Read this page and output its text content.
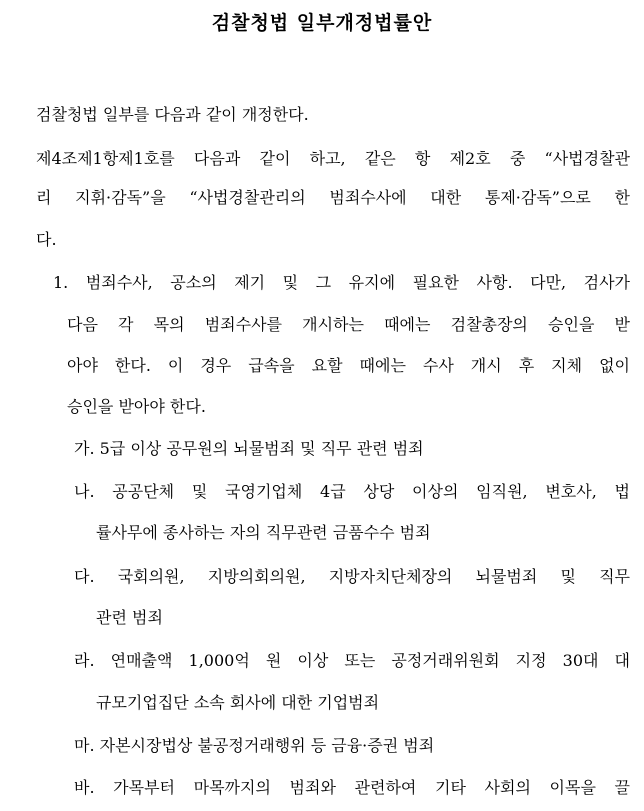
검찰청법 일부개정법률안
검찰청법 일부를 다음과 같이 개정한다.
제4조제1항제1호를 다음과 같이 하고, 같은 항 제2호 중 “사법경찰관
리 지휘·감독”을 “사법경찰관리의 범죄수사에 대한 통제·감독”으로 한
다.
1. 범죄수사, 공소의 제기 및 그 유지에 필요한 사항. 다만, 검사가
다음 각 목의 범죄수사를 개시하는 때에는 검찰총장의 승인을 받
아야 한다. 이 경우 급속을 요할 때에는 수사 개시 후 지체 없이
승인을 받아야 한다.
가. 5급 이상 공무원의 뇌물범죄 및 직무 관련 범죄
나. 공공단체 및 국영기업체 4급 상당 이상의 임직원, 변호사, 법
률사무에 종사하는 자의 직무관련 금품수수 범죄
다. 국회의원, 지방의회의원, 지방자치단체장의 뇌물범죄 및 직무
관련 범죄
라. 연매출액 1,000억 원 이상 또는 공정거래위원회 지정 30대 대
규모기업집단 소속 회사에 대한 기업범죄
마. 자본시장법상 불공정거래행위 등 금융·증권 범죄
바. 가목부터 마목까지의 범죄와 관련하여 기타 사회의 이목을 끌
